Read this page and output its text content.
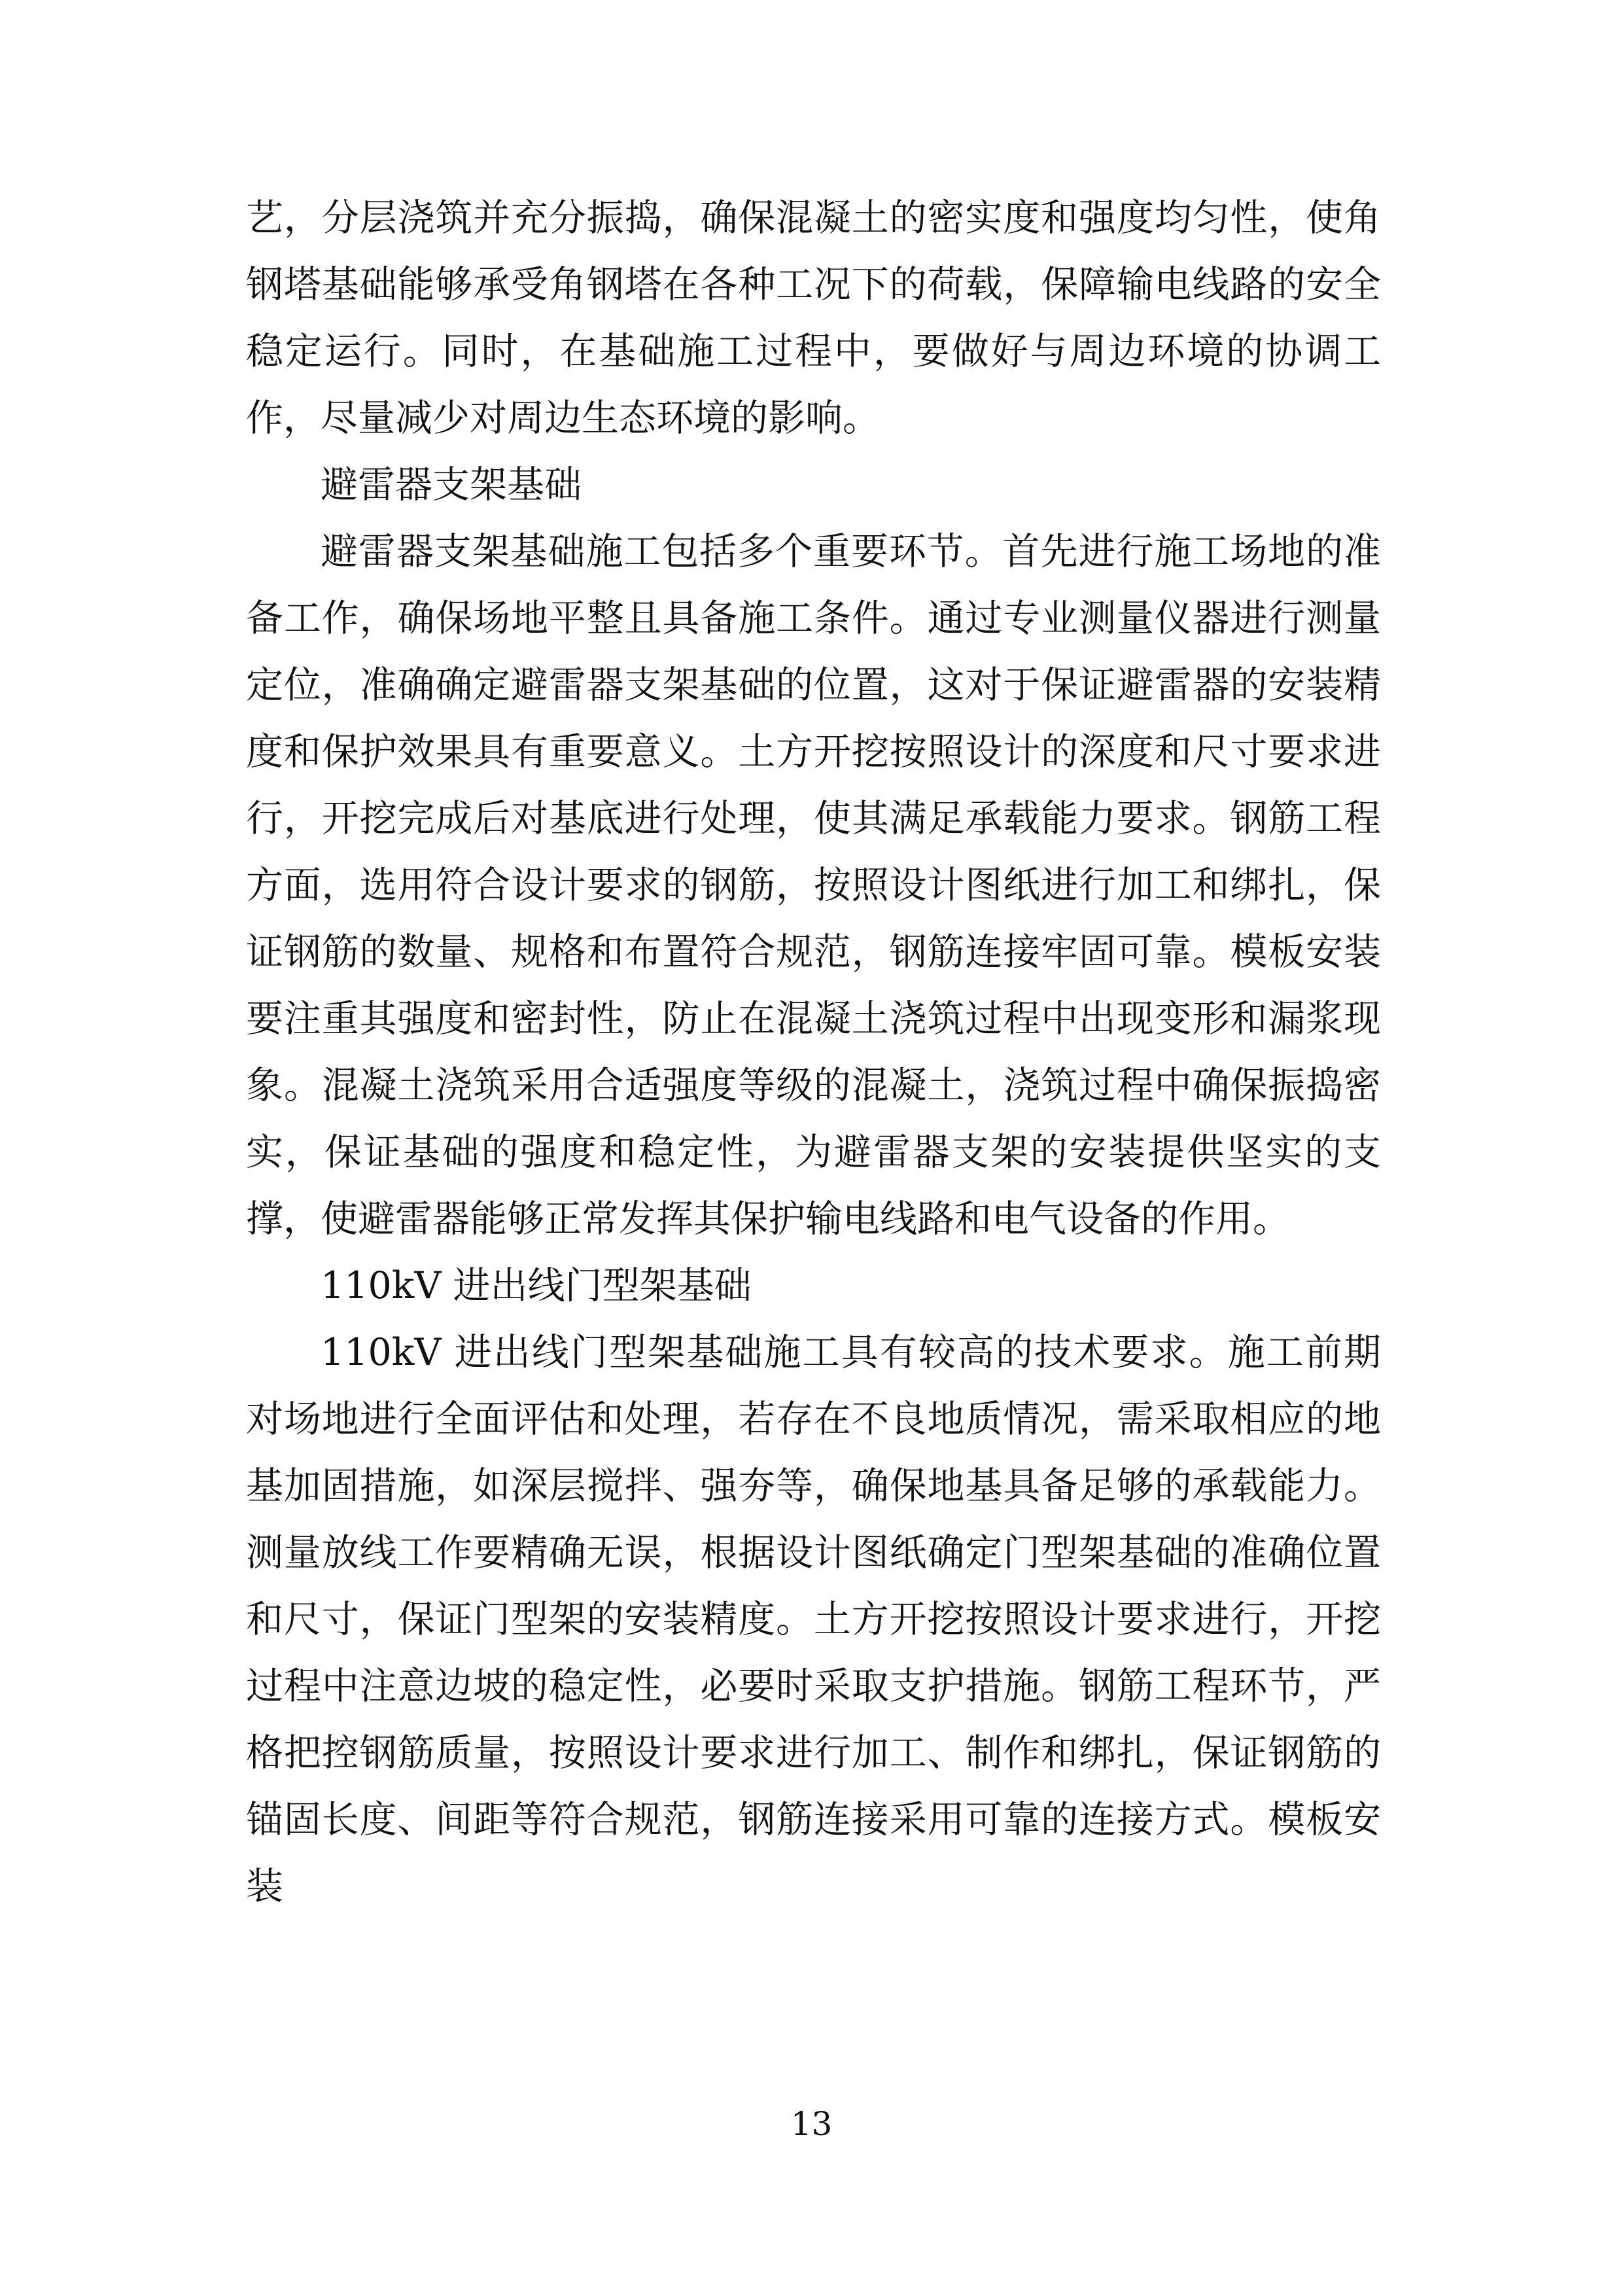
艺，分层浇筑并充分振捣，确保混凝土的密实度和强度均匀性，使角钢塔基础能够承受角钢塔在各种工况下的荷载，保障输电线路的安全稳定运行。同时，在基础施工过程中，要做好与周边环境的协调工作，尽量减少对周边生态环境的影响。

避雷器支架基础

避雷器支架基础施工包括多个重要环节。首先进行施工场地的准备工作，确保场地平整且具备施工条件。通过专业测量仪器进行测量定位，准确确定避雷器支架基础的位置，这对于保证避雷器的安装精度和保护效果具有重要意义。土方开挖按照设计的深度和尺寸要求进行，开挖完成后对基底进行处理，使其满足承载能力要求。钢筋工程方面，选用符合设计要求的钢筋，按照设计图纸进行加工和绑扎，保证钢筋的数量、规格和布置符合规范，钢筋连接牢固可靠。模板安装要注重其强度和密封性，防止在混凝土浇筑过程中出现变形和漏浆现象。混凝土浇筑采用合适强度等级的混凝土，浇筑过程中确保振捣密实，保证基础的强度和稳定性，为避雷器支架的安装提供坚实的支撑，使避雷器能够正常发挥其保护输电线路和电气设备的作用。

110kV 进出线门型架基础

110kV 进出线门型架基础施工具有较高的技术要求。施工前期对场地进行全面评估和处理，若存在不良地质情况，需采取相应的地基加固措施，如深层搅拌、强夯等，确保地基具备足够的承载能力。测量放线工作要精确无误，根据设计图纸确定门型架基础的准确位置和尺寸，保证门型架的安装精度。土方开挖按照设计要求进行，开挖过程中注意边坡的稳定性，必要时采取支护措施。钢筋工程环节，严格把控钢筋质量，按照设计要求进行加工、制作和绑扎，保证钢筋的锚固长度、间距等符合规范，钢筋连接采用可靠的连接方式。模板安装

13
